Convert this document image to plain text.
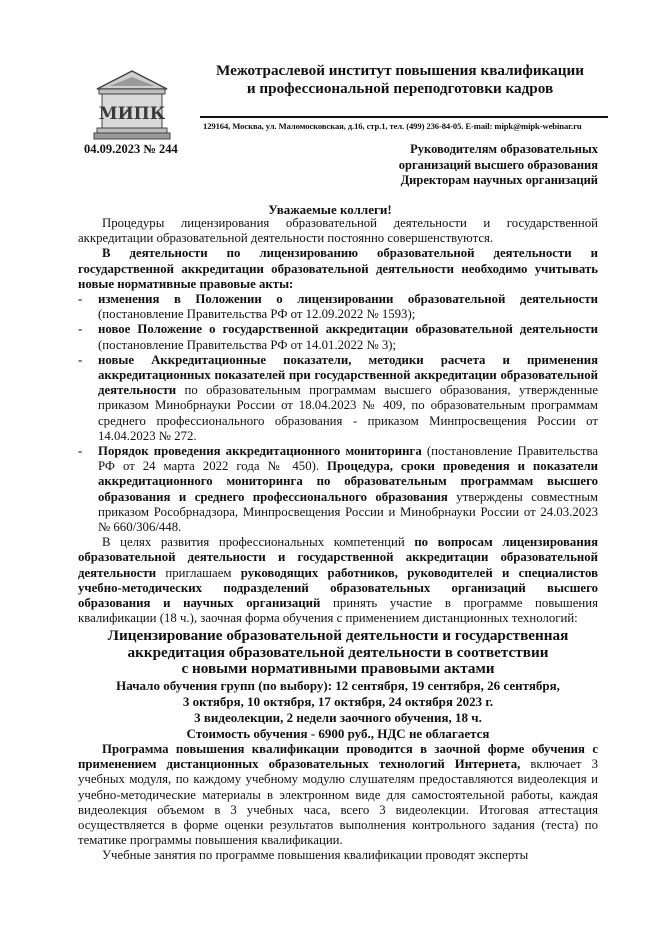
МИПК
Межотраслевой институт повышения квалификации
и профессиональной переподготовки кадров
129164, Москва, ул. Маломосковская, д.16, стр.1, тел. (499) 236-84-05. E-mail: mipk@mipk-webinar.ru
04.09.2023 № 244	Руководителям образовательных
организаций высшего образования
Директорам научных организаций
Уважаемые коллеги!

Процедуры лицензирования образовательной деятельности и государственной аккредитации образовательной деятельности постоянно совершенствуются.

В деятельности по лицензированию образовательной деятельности и государственной аккредитации образовательной деятельности необходимо учитывать новые нормативные правовые акты:

- изменения в Положении о лицензировании образовательной деятельности (постановление Правительства РФ от 12.09.2022 № 1593);
- новое Положение о государственной аккредитации образовательной деятельности (постановление Правительства РФ от 14.01.2022 № 3);
- новые Аккредитационные показатели, методики расчета и применения аккредитационных показателей при государственной аккредитации образовательной деятельности по образовательным программам высшего образования, утвержденные приказом Минобрнауки России от 18.04.2023 № 409, по образовательным программам среднего профессионального образования - приказом Минпросвещения России от 14.04.2023 № 272.
- Порядок проведения аккредитационного мониторинга (постановление Правительства РФ от 24 марта 2022 года № 450). Процедура, сроки проведения и показатели аккредитационного мониторинга по образовательным программам высшего образования и среднего профессионального образования утверждены совместным приказом Рособрнадзора, Минпросвещения России и Минобрнауки России от 24.03.2023 № 660/306/448.

В целях развития профессиональных компетенций по вопросам лицензирования образовательной деятельности и государственной аккредитации образовательной деятельности приглашаем руководящих работников, руководителей и специалистов учебно-методических подразделений образовательных организаций высшего образования и научных организаций принять участие в программе повышения квалификации (18 ч.), заочная форма обучения с применением дистанционных технологий:

Лицензирование образовательной деятельности и государственная
аккредитация образовательной деятельности в соответствии
с новыми нормативными правовыми актами

Начало обучения групп (по выбору): 12 сентября, 19 сентября, 26 сентября,
3 октября, 10 октября, 17 октября, 24 октября 2023 г.
3 видеолекции, 2 недели заочного обучения, 18 ч.
Стоимость обучения - 6900 руб., НДС не облагается

Программа повышения квалификации проводится в заочной форме обучения с применением дистанционных образовательных технологий Интернета, включает 3 учебных модуля, по каждому учебному модулю слушателям предоставляются видеолекция и учебно-методические материалы в электронном виде для самостоятельной работы, каждая видеолекция объемом в 3 учебных часа, всего 3 видеолекции. Итоговая аттестация осуществляется в форме оценки результатов выполнения контрольного задания (теста) по тематике программы повышения квалификации.

Учебные занятия по программе повышения квалификации проводят эксперты
